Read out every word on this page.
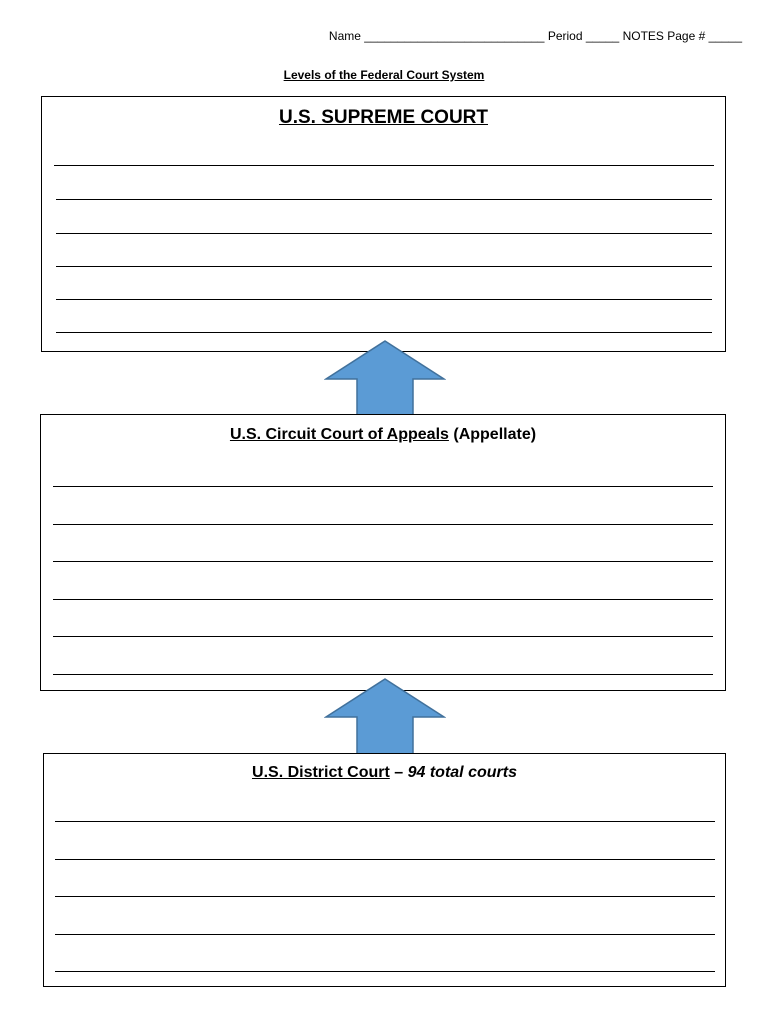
Name ___________________________ Period _____ NOTES Page # _____
Levels of the Federal Court System
U.S. SUPREME COURT
U.S. Circuit Court of Appeals (Appellate)
U.S. District Court – 94 total courts
